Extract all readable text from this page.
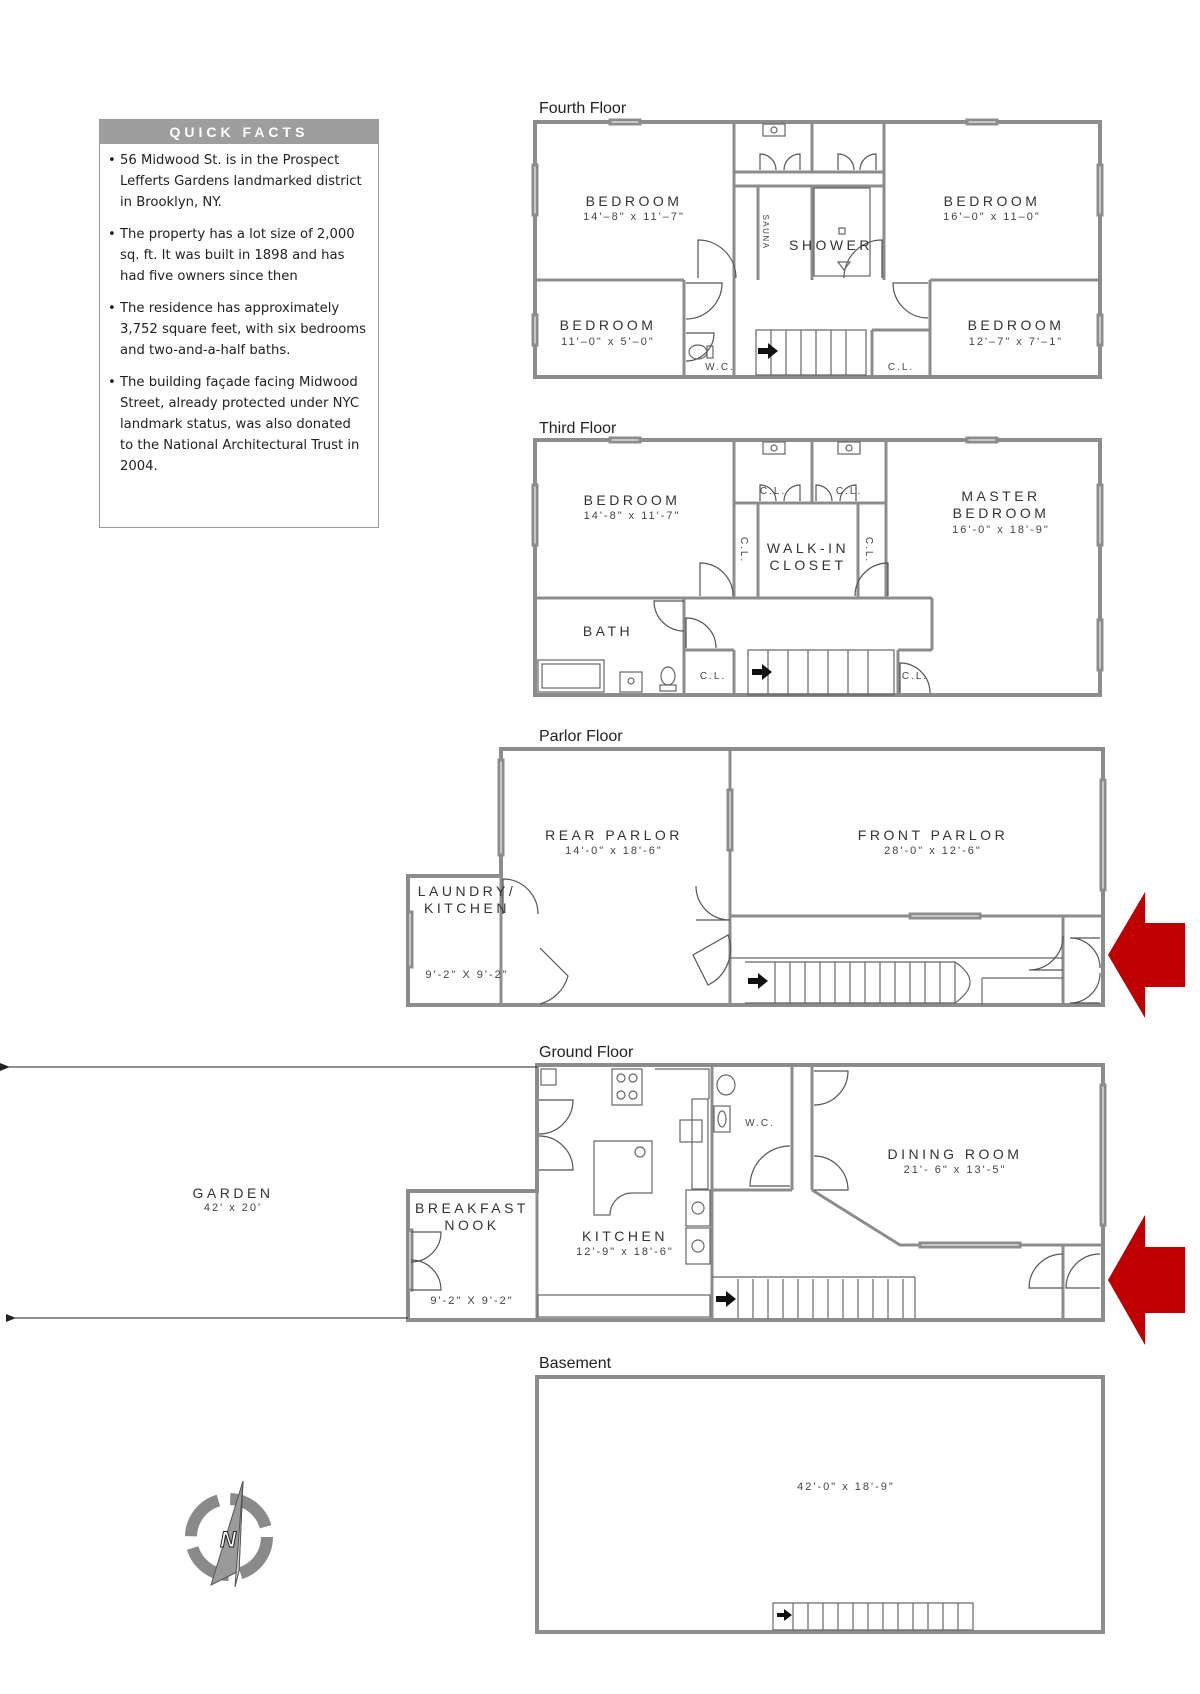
QUICK FACTS
• 56 Midwood St. is in the Prospect Lefferts Gardens landmarked district in Brooklyn, NY.
• The property has a lot size of 2,000 sq. ft. It was built in 1898 and has had five owners since then
• The residence has approximately 3,752 square feet, with six bedrooms and two-and-a-half baths.
• The building façade facing Midwood Street, already protected under NYC landmark status, was also donated to the National Architectural Trust in 2004.
Fourth Floor
BEDROOM
14'–8" x 11'–7"
BEDROOM
16'–0" x 11–0"
BEDROOM
11'–0" x 5'–0"
BEDROOM
12'–7" x 7'–1"
SHOWER
SAUNA
W.C.	C.L.
Third Floor
BEDROOM
14'-8" x 11'-7"
MASTER
BEDROOM
16'-0" x 18'-9"
WALK-IN
CLOSET
BATH
C.L.	C.L.
C.L.	C.L.
C.L.	C.L.
Parlor Floor
REAR PARLOR
14'-0" x 18'-6"
FRONT PARLOR
28'-0" x 12'-6"
LAUNDRY/
KITCHEN
9'-2" X 9'-2"
Ground Floor
GARDEN
42' x 20'	BREAKFAST
NOOK
9'-2" X 9'-2"
KITCHEN
12'-9" x 18'-6"
W.C.
DINING ROOM
21'- 6" x 13'-5"
Basement
42'-0" x 18'-9"
N
